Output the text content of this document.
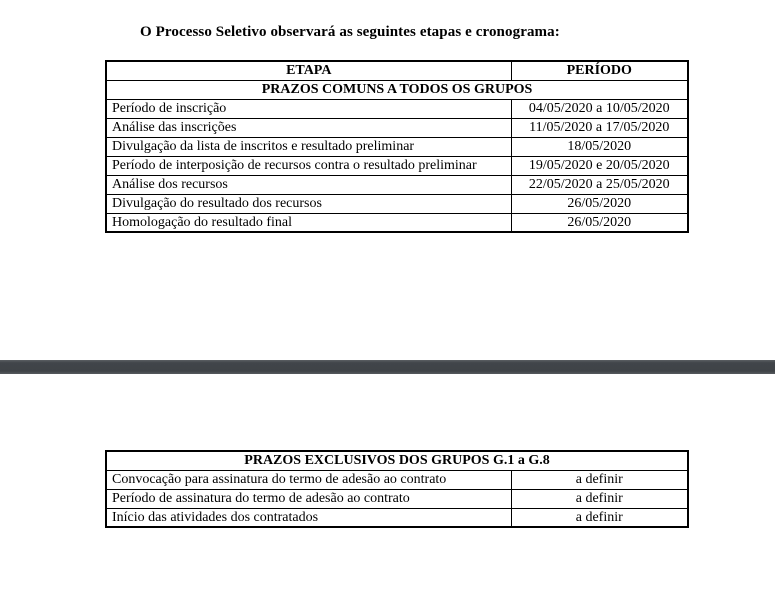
O Processo Seletivo observará as seguintes etapas e cronograma:

ETAPA	PERÍODO
PRAZOS COMUNS A TODOS OS GRUPOS	
Período de inscrição	04/05/2020 a 10/05/2020
Análise das inscrições	11/05/2020 a 17/05/2020
Divulgação da lista de inscritos e resultado preliminar	18/05/2020
Período de interposição de recursos contra o resultado preliminar	19/05/2020 e 20/05/2020
Análise dos recursos	22/05/2020 a 25/05/2020
Divulgação do resultado dos recursos	26/05/2020
Homologação do resultado final	26/05/2020
PRAZOS EXCLUSIVOS DOS GRUPOS G.1 a G.8	
Convocação para assinatura do termo de adesão ao contrato	a definir
Período de assinatura do termo de adesão ao contrato	a definir
Início das atividades dos contratados	a definir
